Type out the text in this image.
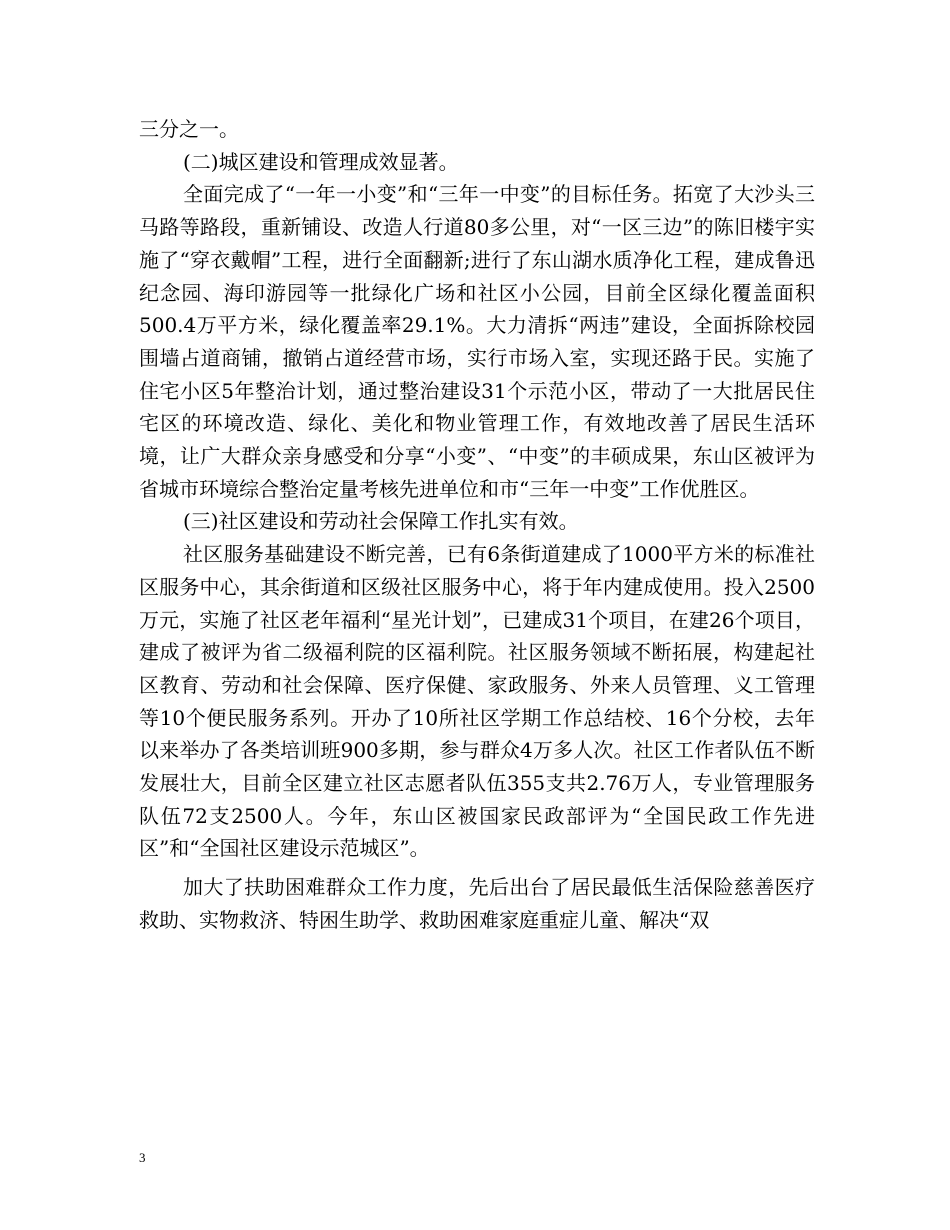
三分之一。

(二)城区建设和管理成效显著。

全面完成了“一年一小变”和“三年一中变”的目标任务。拓宽了大沙头三马路等路段，重新铺设、改造人行道80多公里，对“一区三边”的陈旧楼宇实施了“穿衣戴帽”工程，进行全面翻新;进行了东山湖水质净化工程，建成鲁迅纪念园、海印游园等一批绿化广场和社区小公园，目前全区绿化覆盖面积500.4万平方米，绿化覆盖率29.1%。大力清拆“两违”建设，全面拆除校园围墙占道商铺，撤销占道经营市场，实行市场入室，实现还路于民。实施了住宅小区5年整治计划，通过整治建设31个示范小区，带动了一大批居民住宅区的环境改造、绿化、美化和物业管理工作，有效地改善了居民生活环境，让广大群众亲身感受和分享“小变”、“中变”的丰硕成果，东山区被评为省城市环境综合整治定量考核先进单位和市“三年一中变”工作优胜区。

(三)社区建设和劳动社会保障工作扎实有效。

社区服务基础建设不断完善，已有6条街道建成了1000平方米的标准社区服务中心，其余街道和区级社区服务中心，将于年内建成使用。投入2500万元，实施了社区老年福利“星光计划”，已建成31个项目，在建26个项目，建成了被评为省二级福利院的区福利院。社区服务领域不断拓展，构建起社区教育、劳动和社会保障、医疗保健、家政服务、外来人员管理、义工管理等10个便民服务系列。开办了10所社区学期工作总结校、16个分校，去年以来举办了各类培训班900多期，参与群众4万多人次。社区工作者队伍不断发展壮大，目前全区建立社区志愿者队伍355支共2.76万人，专业管理服务队伍72支2500人。今年，东山区被国家民政部评为“全国民政工作先进区”和“全国社区建设示范城区”。

加大了扶助困难群众工作力度，先后出台了居民最低生活保险慈善医疗救助、实物救济、特困生助学、救助困难家庭重症儿童、解决“双

3
